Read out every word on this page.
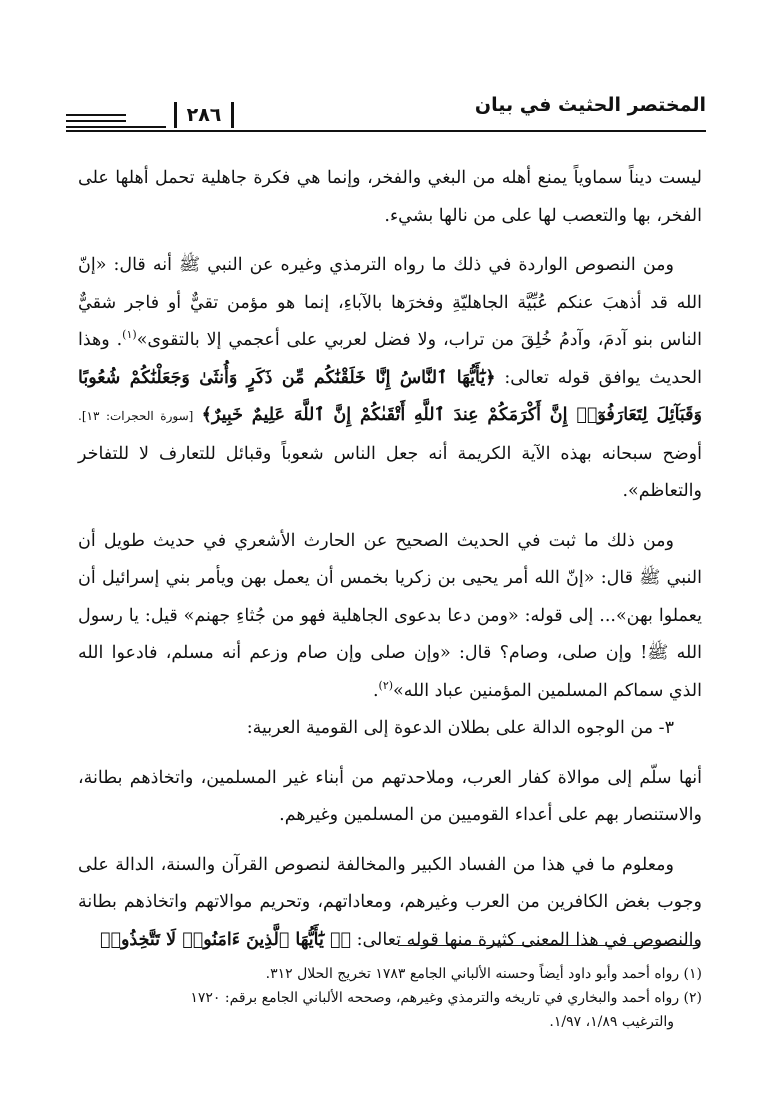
٢٨٦	المختصر الحثيث في بيان

ليست ديناً سماوياً يمنع أهله من البغي والفخر، وإنما هي فكرة جاهلية تحمل أهلها على الفخر، بها والتعصب لها على من نالها بشيء.

ومن النصوص الواردة في ذلك ما رواه الترمذي وغيره عن النبي ﷺ أنه قال: «إنّ الله قد أذهبَ عنكم عُبِّيَّة الجاهليّةِ وفخرَها بالآباءِ، إنما هو مؤمن تقيٌّ أو فاجر شقيٌّ الناس بنو آدمَ، وآدمُ خُلِقَ من تراب، ولا فضل لعربي على أعجمي إلا بالتقوى»$^{(١)}$. وهذا الحديث يوافق قوله تعالى: ﴿يَٰٓأَيُّهَا ٱلنَّاسُ إِنَّا خَلَقْنَٰكُم مِّن ذَكَرٍ وَأُنثَىٰ وَجَعَلْنَٰكُمْ شُعُوبًا وَقَبَآئِلَ لِتَعَارَفُوٓا۟ إِنَّ أَكْرَمَكُمْ عِندَ ٱللَّهِ أَتْقَىٰكُمْ إِنَّ ٱللَّهَ عَلِيمٌ خَبِيرٌ﴾ [سورة الحجرات: ١٣]. أوضح سبحانه بهذه الآية الكريمة أنه جعل الناس شعوباً وقبائل للتعارف لا للتفاخر والتعاظم».

ومن ذلك ما ثبت في الحديث الصحيح عن الحارث الأشعري في حديث طويل أن النبي ﷺ قال: «إنّ الله أمر يحيى بن زكريا بخمس أن يعمل بهن ويأمر بني إسرائيل أن يعملوا بهن»... إلى قوله: «ومن دعا بدعوى الجاهلية فهو من جُثاءِ جهنم» قيل: يا رسول الله ﷺ! وإن صلى، وصام؟ قال: «وإن صلى وإن صام وزعم أنه مسلم، فادعوا الله الذي سماكم المسلمين المؤمنين عباد الله»$^{(٢)}$.

٣- من الوجوه الدالة على بطلان الدعوة إلى القومية العربية:

أنها سلّم إلى موالاة كفار العرب، وملاحدتهم من أبناء غير المسلمين، واتخاذهم بطانة، والاستنصار بهم على أعداء القوميين من المسلمين وغيرهم.

ومعلوم ما في هذا من الفساد الكبير والمخالفة لنصوص القرآن والسنة، الدالة على وجوب بغض الكافرين من العرب وغيرهم، ومعاداتهم، وتحريم موالاتهم واتخاذهم بطانة والنصوص في هذا المعنى كثيرة منها قوله تعالى: ﴿۞ يَٰٓأَيُّهَا ٱلَّذِينَ ءَامَنُوا۟ لَا تَتَّخِذُوا۟

(١) رواه أحمد وأبو داود أيضاً وحسنه الألباني الجامع ١٧٨٣ تخريج الحلال ٣١٢.

(٢) رواه أحمد والبخاري في تاريخه والترمذي وغيرهم، وصححه الألباني الجامع برقم: ١٧٢٠

والترغيب ١/٨٩، ١/٩٧.
